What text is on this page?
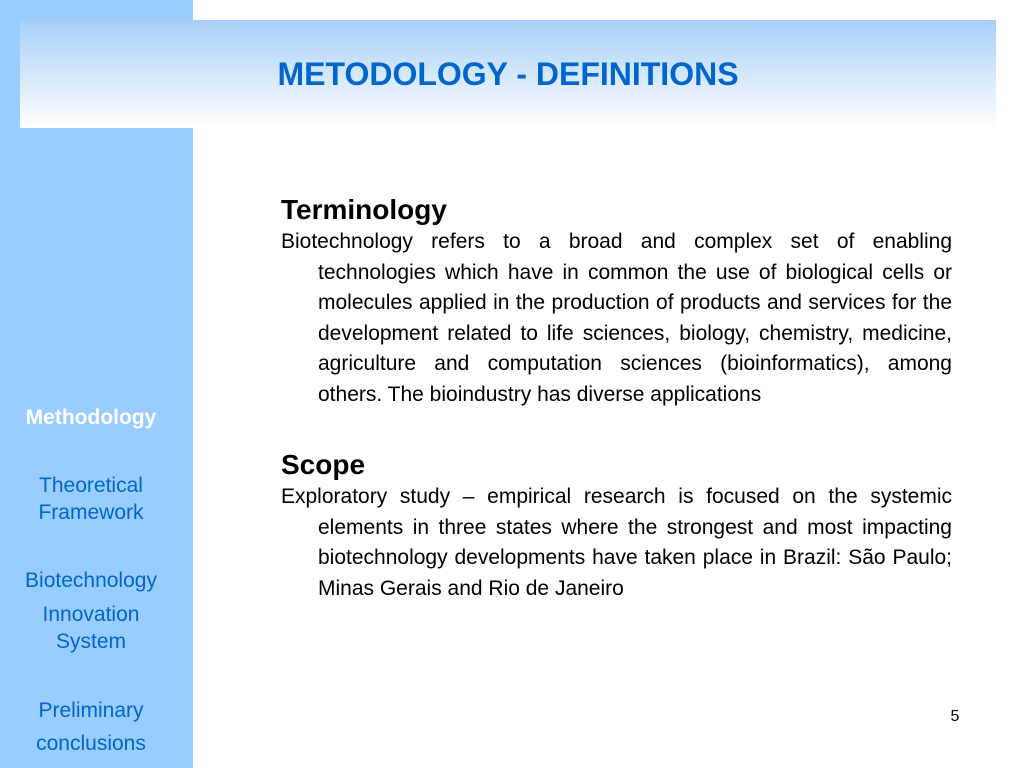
Methodology
Theoretical
Framework
Biotechnology
Innovation
System
Preliminary
conclusions
METODOLOGY - DEFINITIONS
Terminology

Biotechnology refers to a broad and complex set of enabling technologies which have in common the use of biological cells or molecules applied in the production of products and services for the development related to life sciences, biology, chemistry, medicine, agriculture and computation sciences (bioinformatics), among others. The bioindustry has diverse applications

Scope

Exploratory study – empirical research is focused on the systemic elements in three states where the strongest and most impacting biotechnology developments have taken place in Brazil: São Paulo; Minas Gerais and Rio de Janeiro

5
